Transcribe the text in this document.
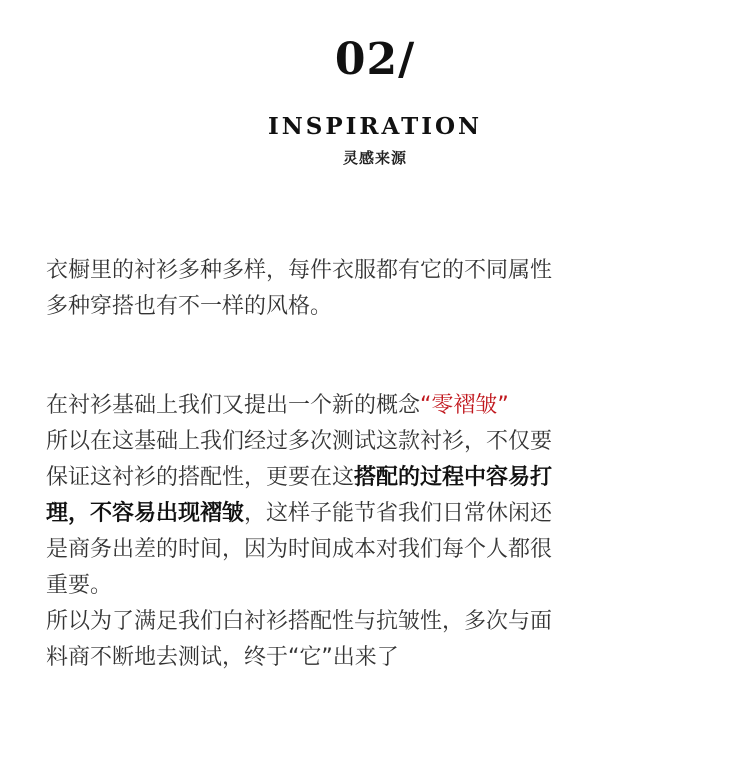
02/
INSPIRATION
灵感来源
衣橱里的衬衫多种多样，每件衣服都有它的不同属性
多种穿搭也有不一样的风格。
在衬衫基础上我们又提出一个新的概念“零褶皱”
所以在这基础上我们经过多次测试这款衬衫，不仅要
保证这衬衫的搭配性，更要在这搭配的过程中容易打
理，不容易出现褶皱，这样子能节省我们日常休闲还
是商务出差的时间，因为时间成本对我们每个人都很
重要。
所以为了满足我们白衬衫搭配性与抗皱性，多次与面
料商不断地去测试，终于“它”出来了
